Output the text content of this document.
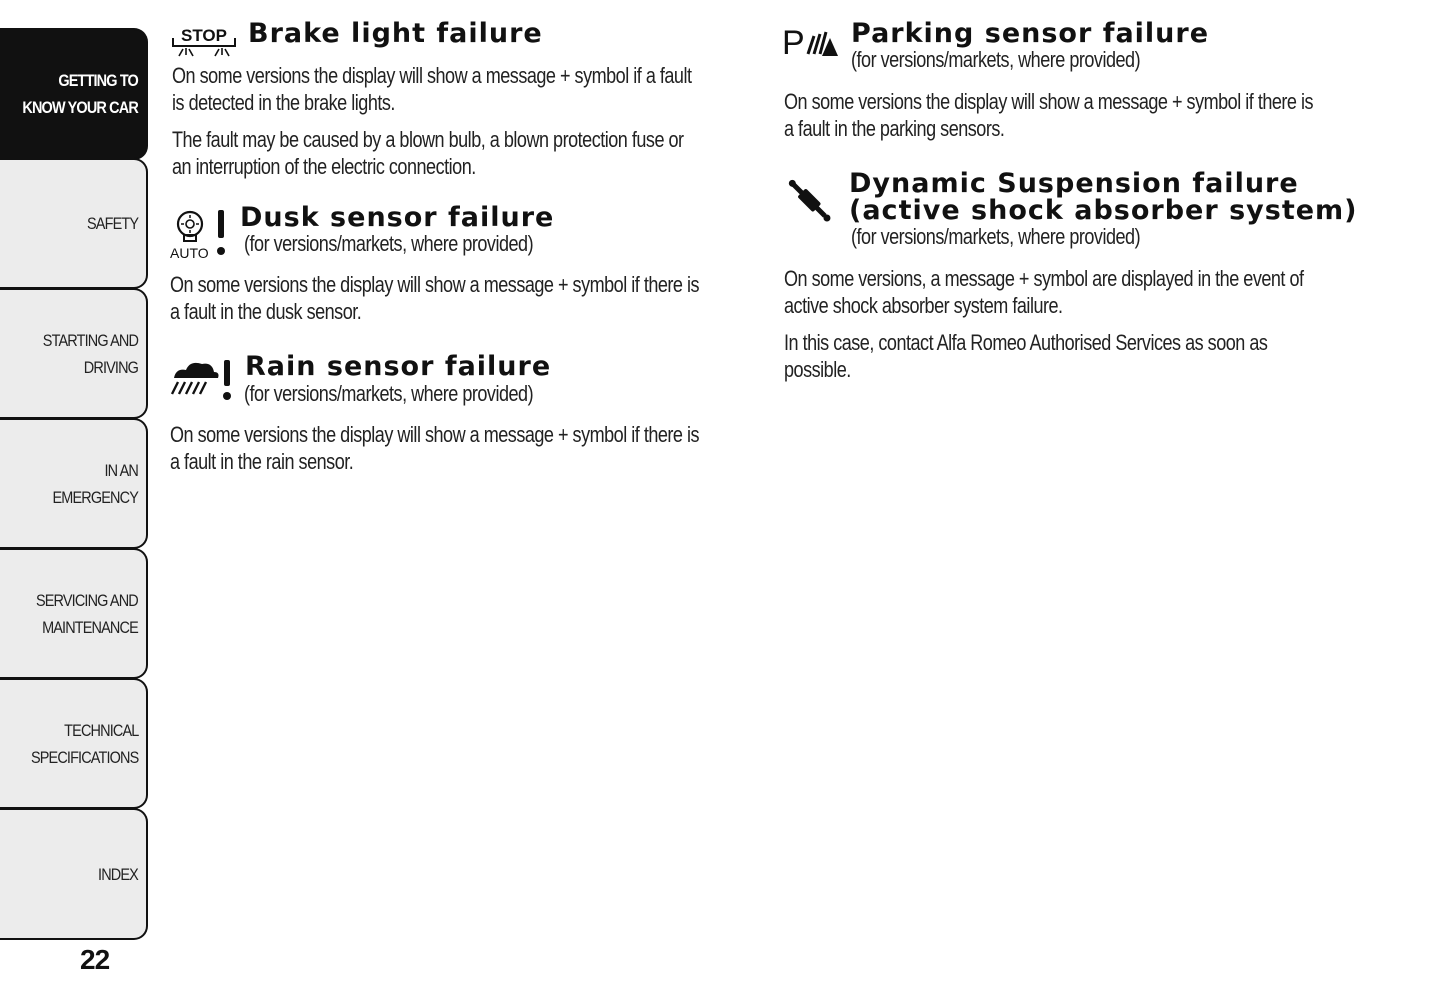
GETTING TO
KNOW YOUR CAR
SAFETY
STARTING AND
DRIVING
IN AN EMERGENCY
SERVICING AND
MAINTENANCE
TECHNICAL
SPECIFICATIONS
INDEX
22
STOP Brake light failure
On some versions the display will show a message + symbol if a fault
is detected in the brake lights.
The fault may be caused by a blown bulb, a blown protection fuse or
an interruption of the electric connection.
AUTO
Dusk sensor failure
(for versions/markets, where provided)
On some versions the display will show a message + symbol if there is
a fault in the dusk sensor.
Rain sensor failure
(for versions/markets, where provided)
On some versions the display will show a message + symbol if there is
a fault in the rain sensor.
P Parking sensor failure
(for versions/markets, where provided)
On some versions the display will show a message + symbol if there is
a fault in the parking sensors.
Dynamic Suspension failure
(active shock absorber system)
(for versions/markets, where provided)
On some versions, a message + symbol are displayed in the event of
active shock absorber system failure.
In this case, contact Alfa Romeo Authorised Services as soon as
possible.
